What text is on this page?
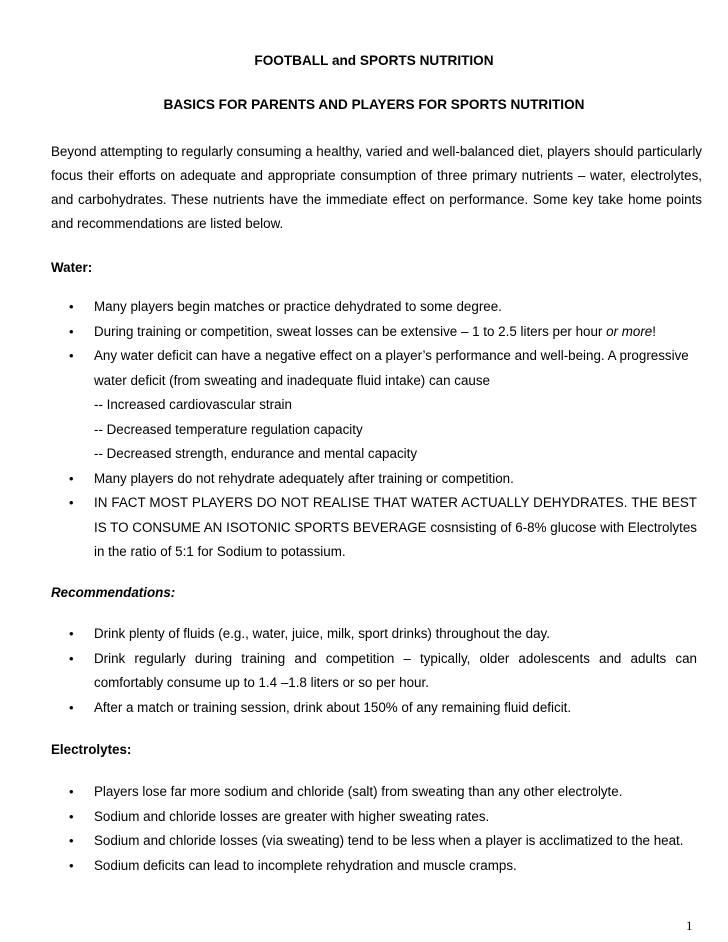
FOOTBALL and SPORTS NUTRITION
BASICS FOR PARENTS AND PLAYERS FOR SPORTS NUTRITION
Beyond attempting to regularly consuming a healthy, varied and well-balanced diet, players should particularly focus their efforts on adequate and appropriate consumption of three primary nutrients – water, electrolytes, and carbohydrates. These nutrients have the immediate effect on performance. Some key take home points and recommendations are listed below.
Water:
• Many players begin matches or practice dehydrated to some degree.
• During training or competition, sweat losses can be extensive – 1 to 2.5 liters per hour or more!
• Any water deficit can have a negative effect on a player’s performance and well-being. A progressive water deficit (from sweating and inadequate fluid intake) can cause
-- Increased cardiovascular strain
-- Decreased temperature regulation capacity
-- Decreased strength, endurance and mental capacity
• Many players do not rehydrate adequately after training or competition.
• IN FACT MOST PLAYERS DO NOT REALISE THAT WATER ACTUALLY DEHYDRATES. THE BEST IS TO CONSUME AN ISOTONIC SPORTS BEVERAGE cosnsisting of 6-8% glucose with Electrolytes in the ratio of 5:1 for Sodium to potassium.
Recommendations:
• Drink plenty of fluids (e.g., water, juice, milk, sport drinks) throughout the day.
• Drink regularly during training and competition – typically, older adolescents and adults can comfortably consume up to 1.4 –1.8 liters or so per hour.
• After a match or training session, drink about 150% of any remaining fluid deficit.
Electrolytes:
• Players lose far more sodium and chloride (salt) from sweating than any other electrolyte.
• Sodium and chloride losses are greater with higher sweating rates.
• Sodium and chloride losses (via sweating) tend to be less when a player is acclimatized to the heat.
• Sodium deficits can lead to incomplete rehydration and muscle cramps.
1
